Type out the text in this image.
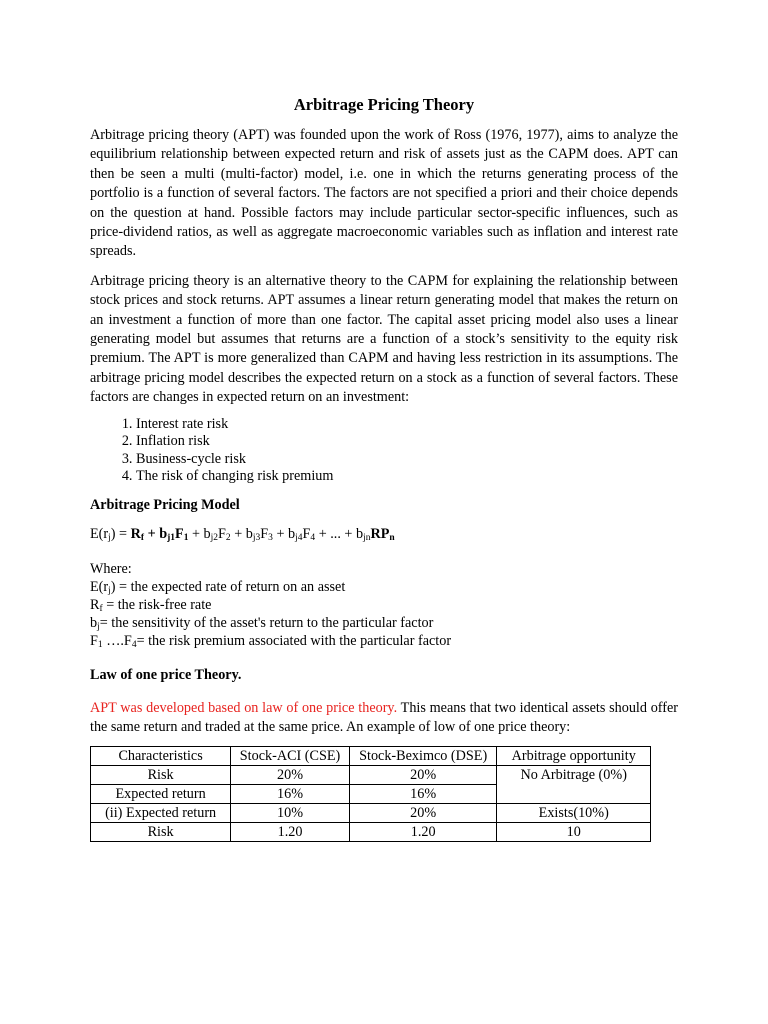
Arbitrage Pricing Theory

Arbitrage pricing theory (APT) was founded upon the work of Ross (1976, 1977), aims to analyze the equilibrium relationship between expected return and risk of assets just as the CAPM does. APT can then be seen a multi (multi-factor) model, i.e. one in which the returns generating process of the portfolio is a function of several factors. The factors are not specified a priori and their choice depends on the question at hand. Possible factors may include particular sector-specific influences, such as price-dividend ratios, as well as aggregate macroeconomic variables such as inflation and interest rate spreads.

Arbitrage pricing theory is an alternative theory to the CAPM for explaining the relationship between stock prices and stock returns. APT assumes a linear return generating model that makes the return on an investment a function of more than one factor. The capital asset pricing model also uses a linear generating model but assumes that returns are a function of a stock’s sensitivity to the equity risk premium. The APT is more generalized than CAPM and having less restriction in its assumptions. The arbitrage pricing model describes the expected return on a stock as a function of several factors. These factors are changes in expected return on an investment:

1. Interest rate risk
2. Inflation risk
3. Business-cycle risk
4. The risk of changing risk premium
Arbitrage Pricing Model
$E(r_j) = R_f + b_{j1}F_1 + b_{j2}F_2 + b_{j3}F_3 + b_{j4}F_4$ + ... + $b_{jn}RP_n$
Where:
$E(r_j)$ = the expected rate of return on an asset
$R_f$ = the risk-free rate
$b_j=$ the sensitivity of the asset's return to the particular factor
$F_1$ $\dots.F_4=$ the risk premium associated with the particular factor
Law of one price Theory.

APT was developed based on law of one price theory. This means that two identical assets should offer the same return and traded at the same price. An example of low of one price theory:

Characteristics	Stock-ACI (CSE)	Stock-Beximco (DSE)	Arbitrage opportunity
Risk	20%	20%	No Arbitrage (0%)
Expected return	16%	16%	
(ii) Expected return	10%	20%	Exists(10%)
Risk	1.20	1.20	10
